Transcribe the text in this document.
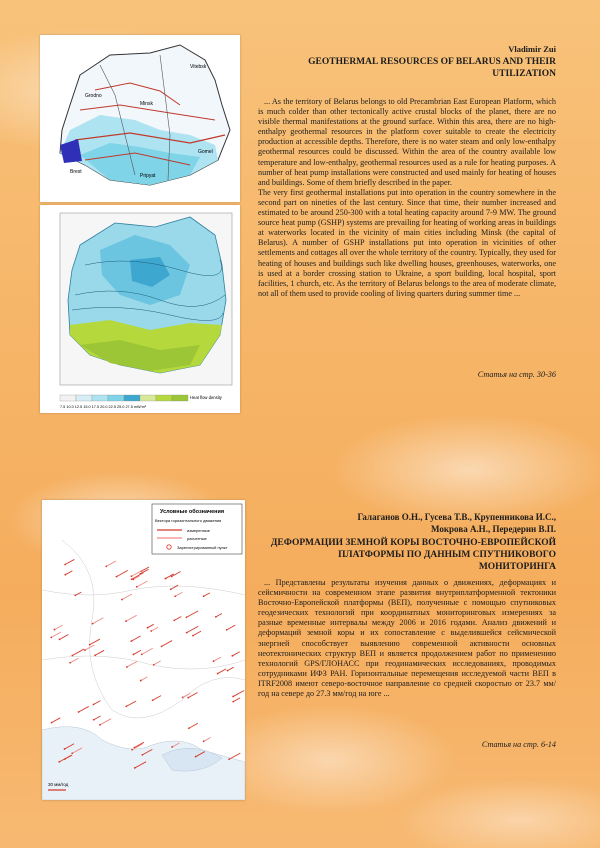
Vitebsk
Minsk
Grodno
Brest
Gomel
Pripyat
Heat flow density
7.5 10.0 12.5 15.0 17.5 20.0 22.5 25.0 27.5 mW/m²
Vladimir Zui
GEOTHERMAL RESOURCES OF BELARUS AND THEIR UTILIZATION

... As the territory of Belarus belongs to old Precambrian East European Platform, which is much colder than other tectonically active crustal blocks of the planet, there are no visible thermal manifestations at the ground surface. Within this area, there are no high-enthalpy geothermal resources in the platform cover suitable to create the electricity production at accessible depths. Therefore, there is no water steam and only low-enthalpy geothermal resources could be discussed. Within the area of the country available low temperature and low-enthalpy, geothermal resources used as a rule for heating purposes. A number of heat pump installations were constructed and used mainly for heating of houses and buildings. Some of them briefly described in the paper.

The very first geothermal installations put into operation in the country somewhere in the second part on nineties of the last century. Since that time, their number increased and estimated to be around 250-300 with a total heating capacity around 7-9 MW. The ground source heat pump (GSHP) systems are prevailing for heating of working areas in buildings at waterworks located in the vicinity of main cities including Minsk (the capital of Belarus). A number of GSHP installations put into operation in vicinities of other settlements and cottages all over the whole territory of the country. Typically, they used for heating of houses and buildings such like dwelling houses, greenhouses, waterworks, one is used at a border crossing station to Ukraine, a sport building, local hospital, sport facilities, 1 church, etc. As the territory of Belarus belongs to the area of moderate climate, not all of them used to provide cooling of living quarters during summer time ...

Статья на стр. 30-36
Условные обозначения
Вектора горизонтального движения
измеренные
расчетные
Зарегистрированный пункт
30 мм/год
Галаганов О.Н., Гусева Т.В., Крупенникова И.С.,
Мокрова А.Н., Передерин В.П.
ДЕФОРМАЦИИ ЗЕМНОЙ КОРЫ ВОСТОЧНО-ЕВРОПЕЙСКОЙ ПЛАТФОРМЫ ПО ДАННЫМ СПУТНИКОВОГО МОНИТОРИНГА

... Представлены результаты изучения данных о движениях, деформациях и сейсмичности на современном этапе развития внутриплатформенной тектоники Восточно-Европейской платформы (ВЕП), полученные с помощью спутниковых геодезических технологий при координатных мониторинговых измерениях за разные временные интервалы между 2006 и 2016 годами. Анализ движений и деформаций земной коры и их сопоставление с выделившейся сейсмической энергией способствует выявлению современной активности основных неотектонических структур ВЕП и является продолжением работ по применению технологий GPS/ГЛОНАСС при геодинамических исследованиях, проводимых сотрудниками ИФЗ РАН. Горизонтальные перемещения исследуемой части ВЕП в ITRF2008 имеют северо-восточное направление со средней скоростью от 23.7 мм/год на севере до 27.3 мм/год на юге ...

Статья на стр. 6-14
